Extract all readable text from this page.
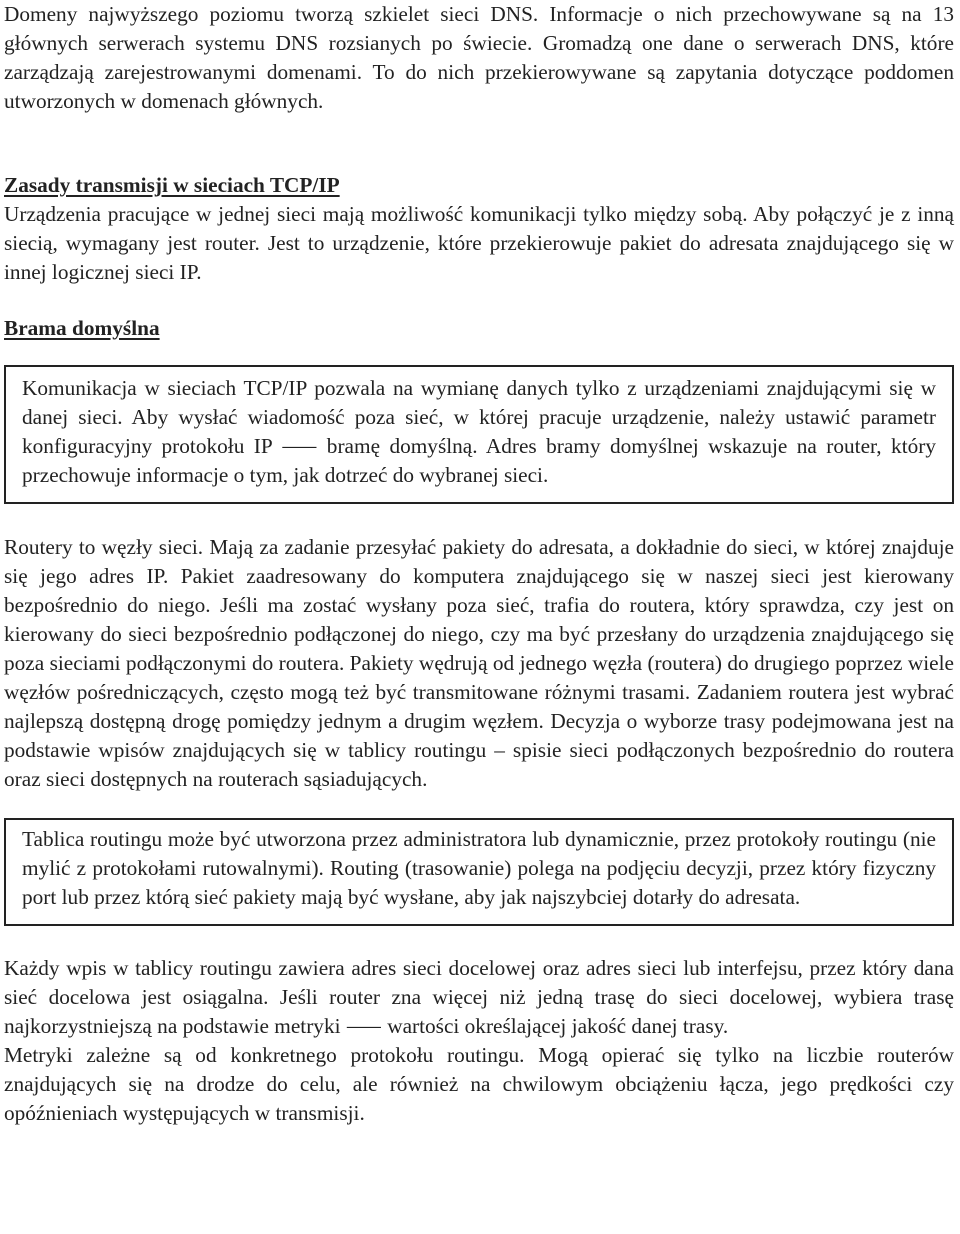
Domeny najwyższego poziomu tworzą szkielet sieci DNS. Informacje o nich przechowywane są na 13 głównych serwerach systemu DNS rozsianych po świecie. Gromadzą one dane o serwerach DNS, które zarządzają zarejestrowanymi domenami. To do nich przekierowywane są zapytania dotyczące poddomen utworzonych w domenach głównych.

Zasady transmisji w sieciach TCP/IP

Urządzenia pracujące w jednej sieci mają możliwość komunikacji tylko między sobą. Aby połączyć je z inną siecią, wymagany jest router. Jest to urządzenie, które przekierowuje pakiet do adresata znajdującego się w innej logicznej sieci IP.

Brama domyślna

Komunikacja w sieciach TCP/IP pozwala na wymianę danych tylko z urządzeniami znajdującymi się w danej sieci. Aby wysłać wiadomość poza sieć, w której pracuje urządzenie, należy ustawić parametr konfiguracyjny protokołu IP ⸺ bramę domyślną. Adres bramy domyślnej wskazuje na router, który przechowuje informacje o tym, jak dotrzeć do wybranej sieci.

Routery to węzły sieci. Mają za zadanie przesyłać pakiety do adresata, a dokładnie do sieci, w której znajduje się jego adres IP. Pakiet zaadresowany do komputera znajdującego się w naszej sieci jest kierowany bezpośrednio do niego. Jeśli ma zostać wysłany poza sieć, trafia do routera, który sprawdza, czy jest on kierowany do sieci bezpośrednio podłączonej do niego, czy ma być przesłany do urządzenia znajdującego się poza sieciami podłączonymi do routera. Pakiety wędrują od jednego węzła (routera) do drugiego poprzez wiele węzłów pośredniczących, często mogą też być transmitowane różnymi trasami. Zadaniem routera jest wybrać najlepszą dostępną drogę pomiędzy jednym a drugim węzłem. Decyzja o wyborze trasy podejmowana jest na podstawie wpisów znajdujących się w tablicy routingu – spisie sieci podłączonych bezpośrednio do routera oraz sieci dostępnych na routerach sąsiadujących.

Tablica routingu może być utworzona przez administratora lub dynamicznie, przez protokoły routingu (nie mylić z protokołami rutowalnymi). Routing (trasowanie) polega na podjęciu decyzji, przez który fizyczny port lub przez którą sieć pakiety mają być wysłane, aby jak najszybciej dotarły do adresata.

Każdy wpis w tablicy routingu zawiera adres sieci docelowej oraz adres sieci lub interfejsu, przez który dana sieć docelowa jest osiągalna. Jeśli router zna więcej niż jedną trasę do sieci docelowej, wybiera trasę najkorzystniejszą na podstawie metryki ⸺ wartości określającej jakość danej trasy.

Metryki zależne są od konkretnego protokołu routingu. Mogą opierać się tylko na liczbie routerów znajdujących się na drodze do celu, ale również na chwilowym obciążeniu łącza, jego prędkości czy opóźnieniach występujących w transmisji.
